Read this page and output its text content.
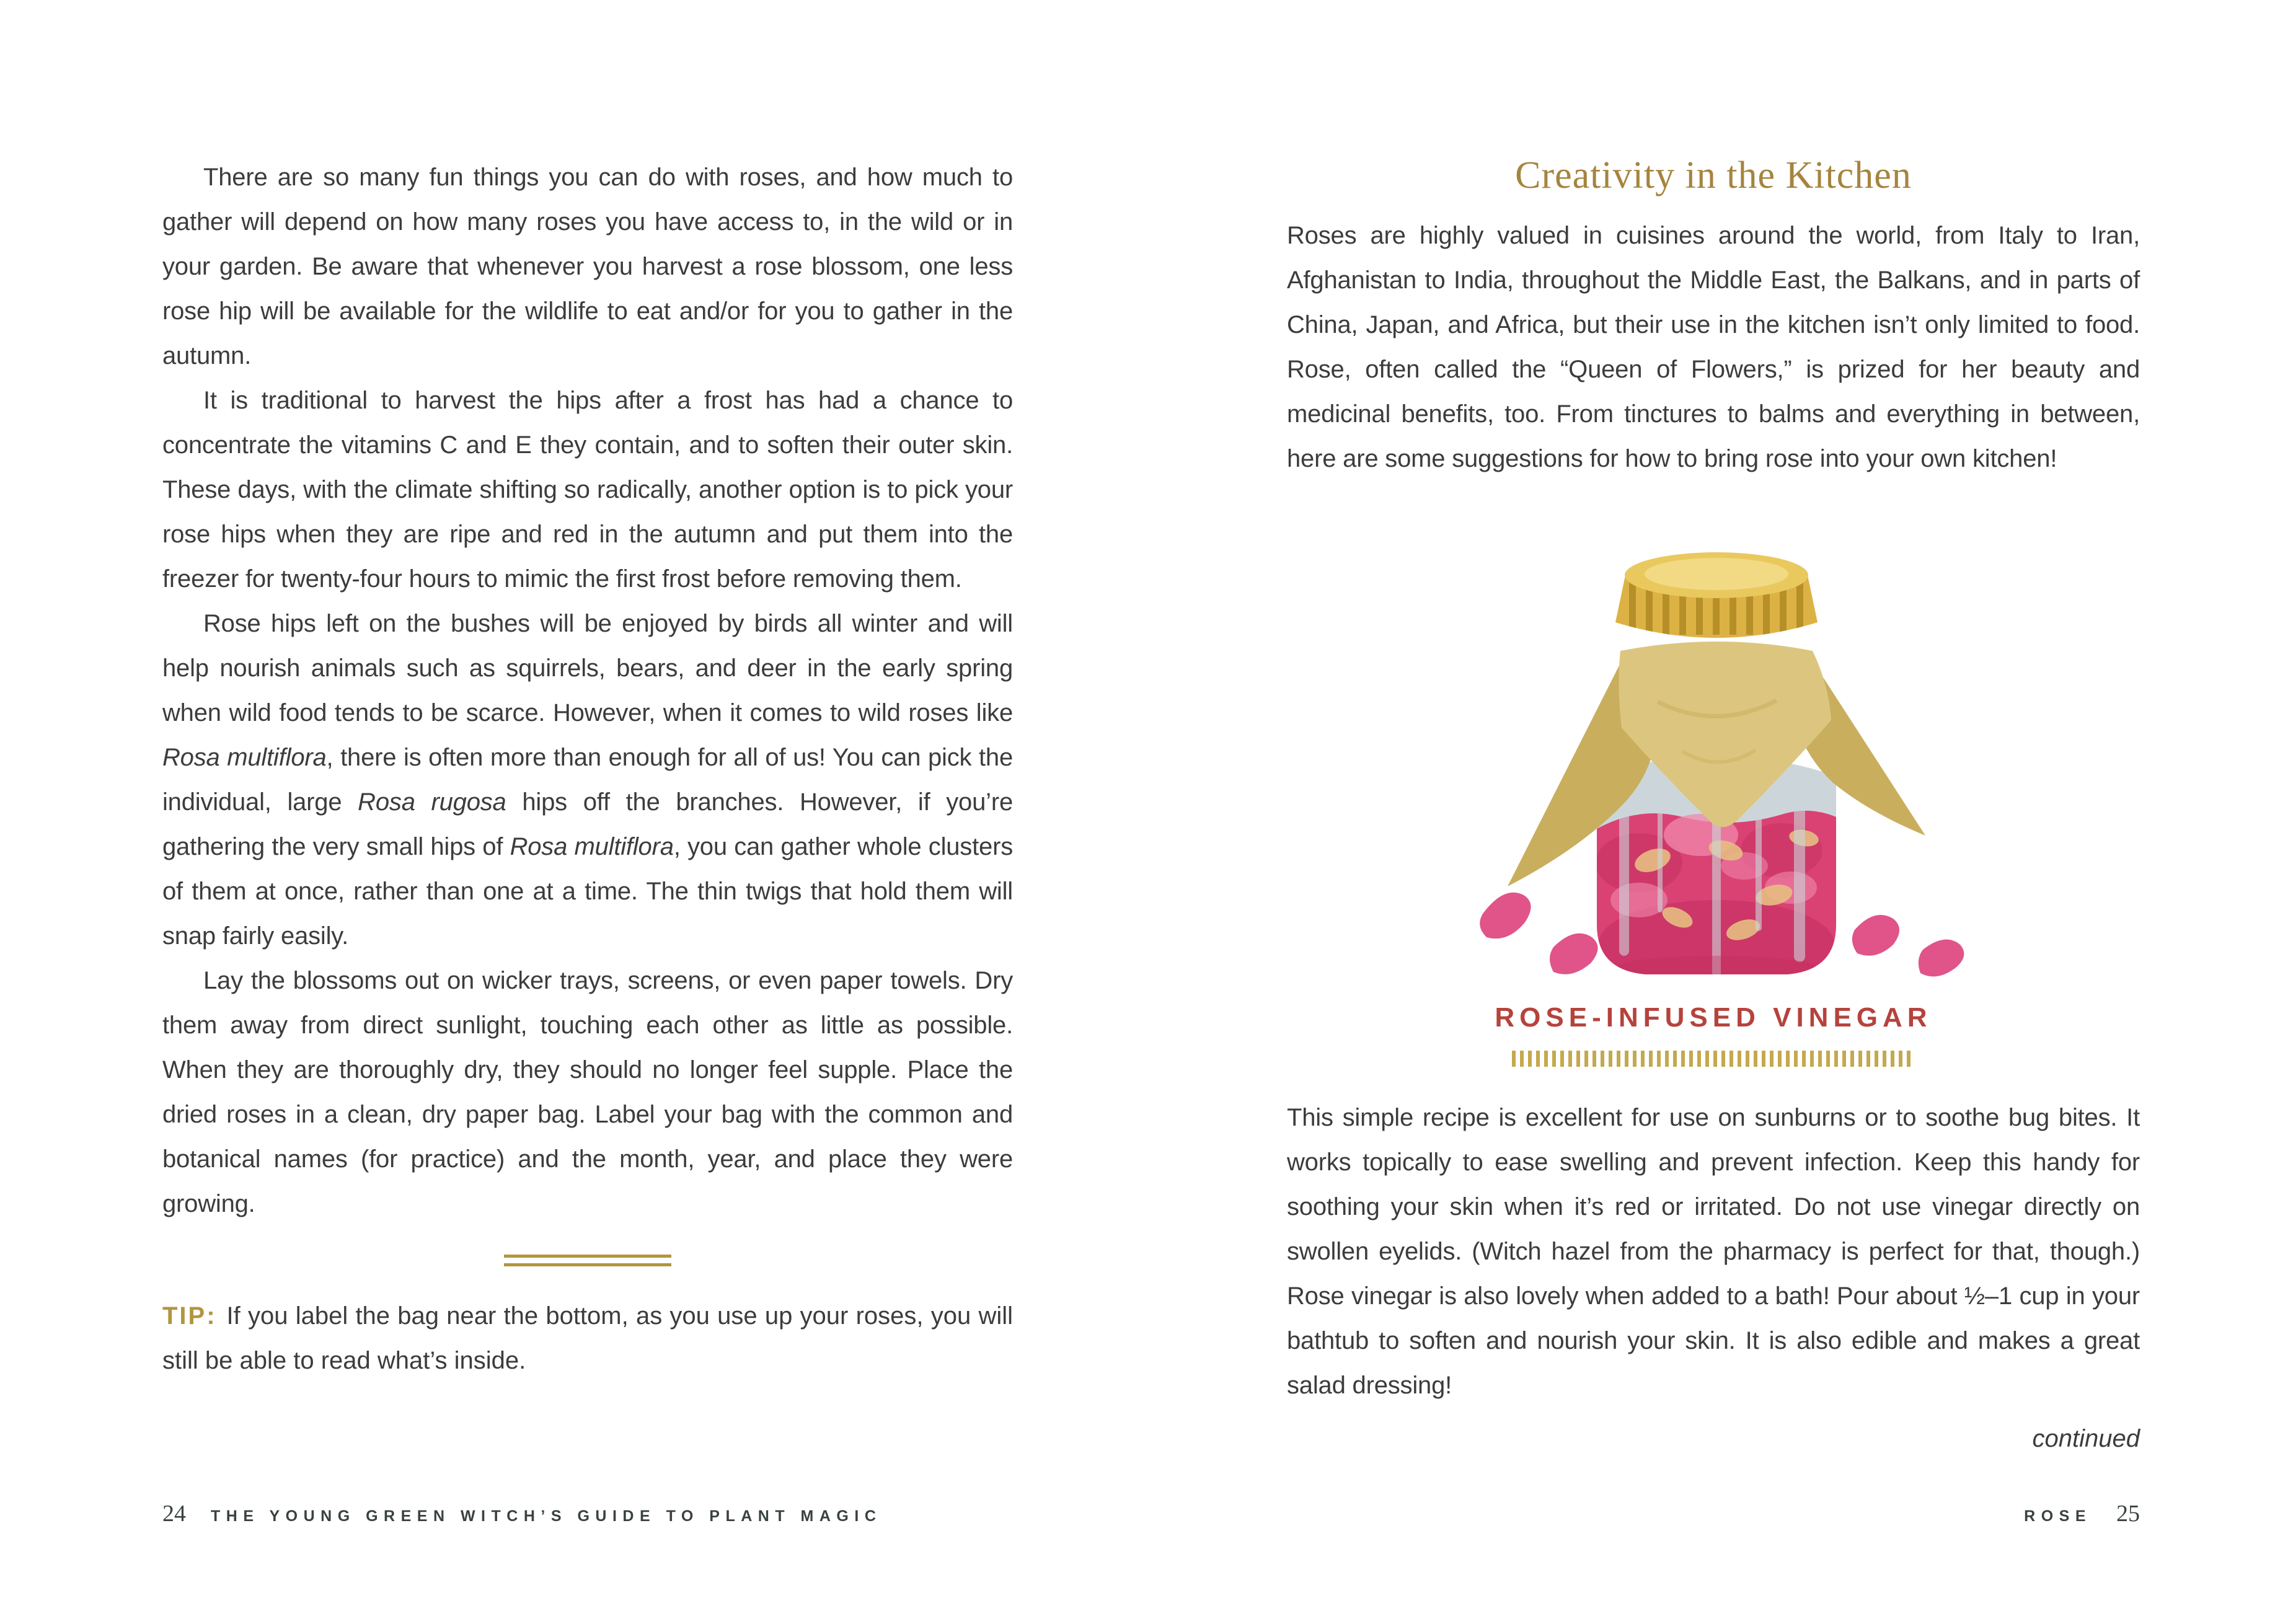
There are so many fun things you can do with roses, and how much to gather will depend on how many roses you have access to, in the wild or in your garden. Be aware that whenever you harvest a rose blossom, one less rose hip will be available for the wildlife to eat and/or for you to gather in the autumn.

It is traditional to harvest the hips after a frost has had a chance to concentrate the vitamins C and E they contain, and to soften their outer skin. These days, with the climate shifting so radically, another option is to pick your rose hips when they are ripe and red in the autumn and put them into the freezer for twenty-four hours to mimic the first frost before removing them.

Rose hips left on the bushes will be enjoyed by birds all winter and will help nourish animals such as squirrels, bears, and deer in the early spring when wild food tends to be scarce. However, when it comes to wild roses like Rosa multiflora, there is often more than enough for all of us! You can pick the individual, large Rosa rugosa hips off the branches. However, if you’re gathering the very small hips of Rosa multiflora, you can gather whole clusters of them at once, rather than one at a time. The thin twigs that hold them will snap fairly easily.

Lay the blossoms out on wicker trays, screens, or even paper towels. Dry them away from direct sunlight, touching each other as little as possible. When they are thoroughly dry, they should no longer feel supple. Place the dried roses in a clean, dry paper bag. Label your bag with the common and botanical names (for practice) and the month, year, and place they were growing.

TIP: If you label the bag near the bottom, as you use up your roses, you will still be able to read what’s inside.

Creativity in the Kitchen

Roses are highly valued in cuisines around the world, from Italy to Iran, Afghanistan to India, throughout the Middle East, the Balkans, and in parts of China, Japan, and Africa, but their use in the kitchen isn’t only limited to food. Rose, often called the “Queen of Flowers,” is prized for her beauty and medicinal benefits, too. From tinctures to balms and everything in between, here are some suggestions for how to bring rose into your own kitchen!

ROSE-INFUSED VINEGAR

This simple recipe is excellent for use on sunburns or to soothe bug bites. It works topically to ease swelling and prevent infection. Keep this handy for soothing your skin when it’s red or irritated. Do not use vinegar directly on swollen eyelids. (Witch hazel from the pharmacy is perfect for that, though.) Rose vinegar is also lovely when added to a bath! Pour about ½–1 cup in your bathtub to soften and nourish your skin. It is also edible and makes a great salad dressing!

continued

24 THE YOUNG GREEN WITCH’S GUIDE TO PLANT MAGIC	ROSE 25
